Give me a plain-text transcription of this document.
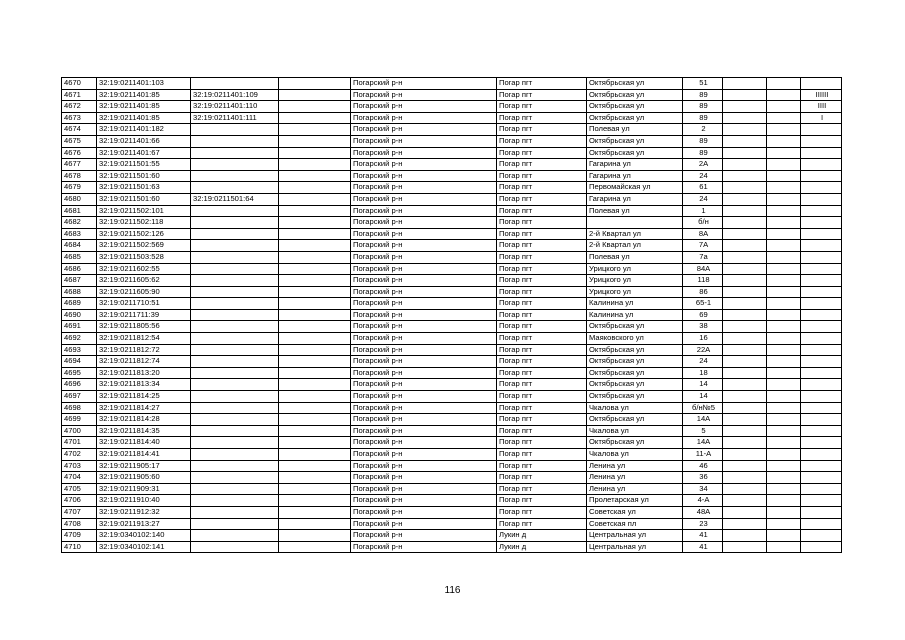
4670	32:19:0211401:103			Погарский р-н	Погар пгт	Октябрьская ул	51			
4671	32:19:0211401:85	32:19:0211401:109		Погарский р-н	Погар пгт	Октябрьская ул	89			IIIIII
4672	32:19:0211401:85	32:19:0211401:110		Погарский р-н	Погар пгт	Октябрьская ул	89			IIII
4673	32:19:0211401:85	32:19:0211401:111		Погарский р-н	Погар пгт	Октябрьская ул	89			I
4674	32:19:0211401:182			Погарский р-н	Погар пгт	Полевая ул	2			
4675	32:19:0211401:66			Погарский р-н	Погар пгт	Октябрьская ул	89			
4676	32:19:0211401:67			Погарский р-н	Погар пгт	Октябрьская ул	89			
4677	32:19:0211501:55			Погарский р-н	Погар пгт	Гагарина ул	2А			
4678	32:19:0211501:60			Погарский р-н	Погар пгт	Гагарина ул	24			
4679	32:19:0211501:63			Погарский р-н	Погар пгт	Первомайская ул	61			
4680	32:19:0211501:60	32:19:0211501:64		Погарский р-н	Погар пгт	Гагарина ул	24			
4681	32:19:0211502:101			Погарский р-н	Погар пгт	Полевая ул	1			
4682	32:19:0211502:118			Погарский р-н	Погар пгт		б/н			
4683	32:19:0211502:126			Погарский р-н	Погар пгт	2-й Квартал ул	8А			
4684	32:19:0211502:569			Погарский р-н	Погар пгт	2-й Квартал ул	7А			
4685	32:19:0211503:528			Погарский р-н	Погар пгт	Полевая ул	7а			
4686	32:19:0211602:55			Погарский р-н	Погар пгт	Урицкого ул	84А			
4687	32:19:0211605:62			Погарский р-н	Погар пгт	Урицкого ул	118			
4688	32:19:0211605:90			Погарский р-н	Погар пгт	Урицкого ул	86			
4689	32:19:0211710:51			Погарский р-н	Погар пгт	Калинина ул	65-1			
4690	32:19:0211711:39			Погарский р-н	Погар пгт	Калинина ул	69			
4691	32:19:0211805:56			Погарский р-н	Погар пгт	Октябрьская ул	38			
4692	32:19:0211812:54			Погарский р-н	Погар пгт	Маяковского ул	16			
4693	32:19:0211812:72			Погарский р-н	Погар пгт	Октябрьская ул	22А			
4694	32:19:0211812:74			Погарский р-н	Погар пгт	Октябрьская ул	24			
4695	32:19:0211813:20			Погарский р-н	Погар пгт	Октябрьская ул	18			
4696	32:19:0211813:34			Погарский р-н	Погар пгт	Октябрьская ул	14			
4697	32:19:0211814:25			Погарский р-н	Погар пгт	Октябрьская ул	14			
4698	32:19:0211814:27			Погарский р-н	Погар пгт	Чкалова ул	б/н№5			
4699	32:19:0211814:28			Погарский р-н	Погар пгт	Октябрьская ул	14А			
4700	32:19:0211814:35			Погарский р-н	Погар пгт	Чкалова ул	5			
4701	32:19:0211814:40			Погарский р-н	Погар пгт	Октябрьская ул	14А			
4702	32:19:0211814:41			Погарский р-н	Погар пгт	Чкалова ул	11-А			
4703	32:19:0211905:17			Погарский р-н	Погар пгт	Ленина ул	46			
4704	32:19:0211905:60			Погарский р-н	Погар пгт	Ленина ул	36			
4705	32:19:0211909:31			Погарский р-н	Погар пгт	Ленина ул	34			
4706	32:19:0211910:40			Погарский р-н	Погар пгт	Пролетарская ул	4-А			
4707	32:19:0211912:32			Погарский р-н	Погар пгт	Советская ул	48А			
4708	32:19:0211913:27			Погарский р-н	Погар пгт	Советская пл	23			
4709	32:19:0340102:140			Погарский р-н	Лукин д	Центральная ул	41			
4710	32:19:0340102:141			Погарский р-н	Лукин д	Центральная ул	41			
116
